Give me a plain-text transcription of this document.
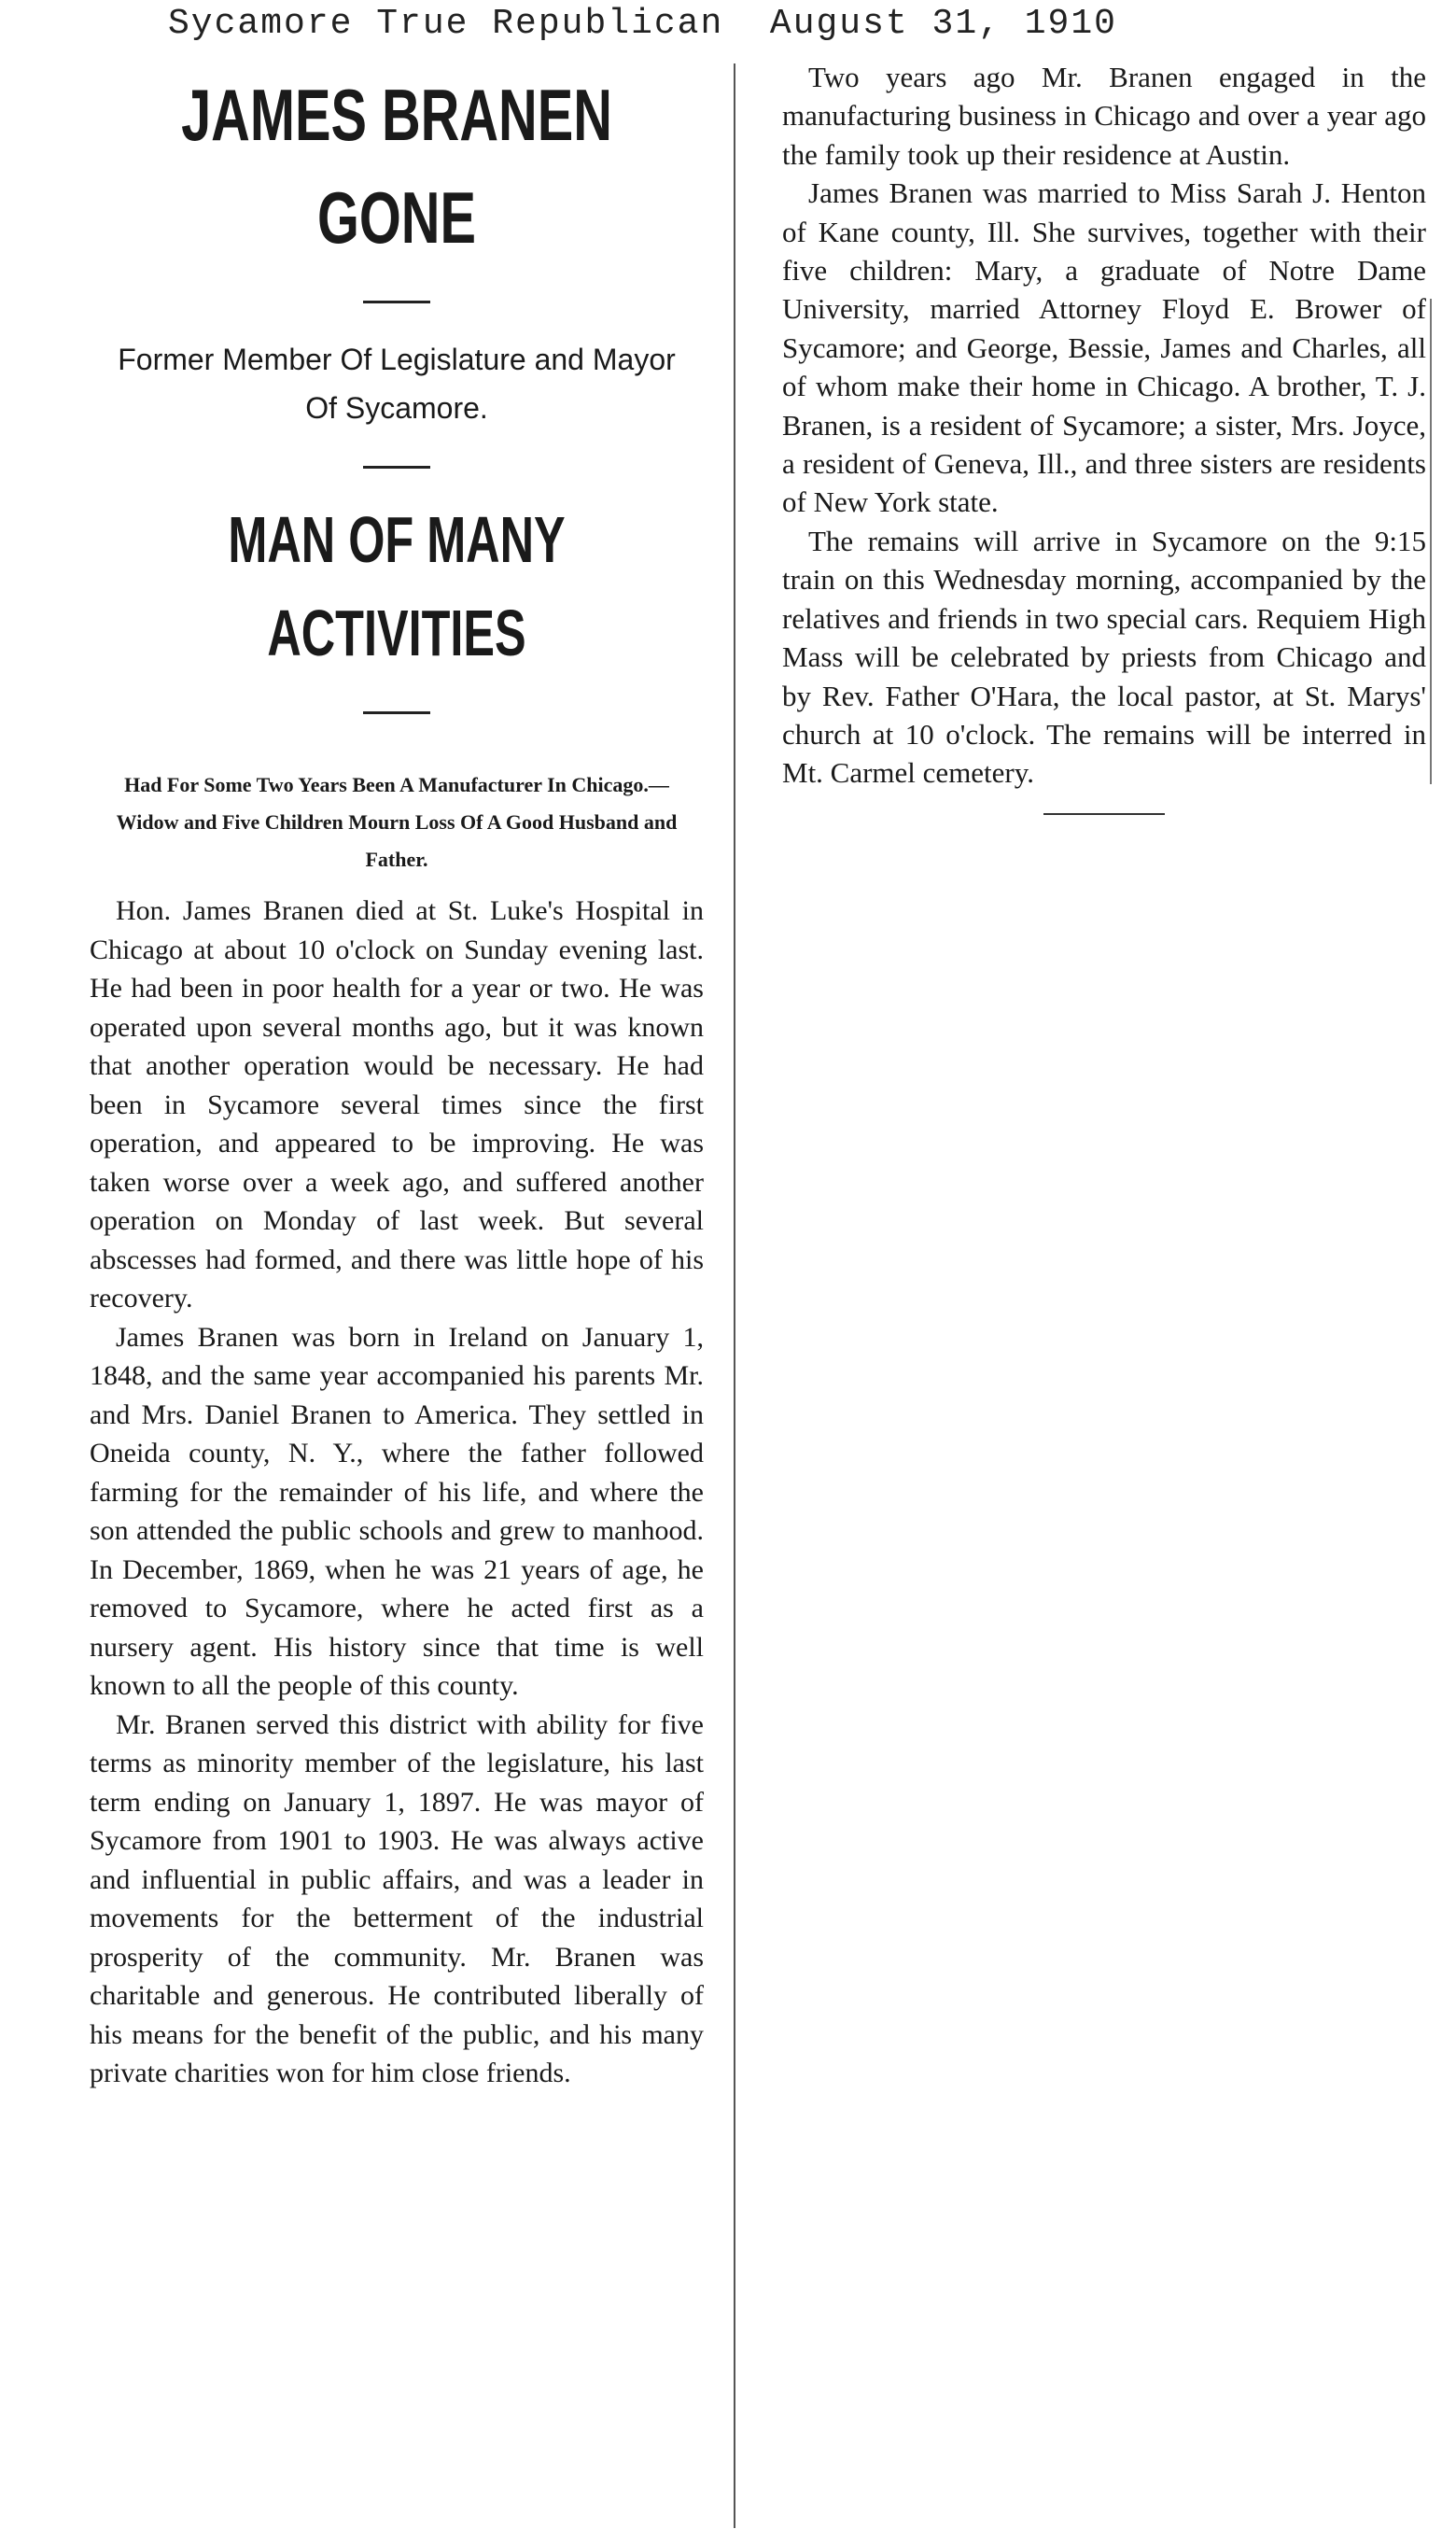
Sycamore True Republican  August 31, 1910
JAMES BRANEN GONE

Former Member Of Legislature and Mayor Of Sycamore.

MAN OF MANY ACTIVITIES

Had For Some Two Years Been A Manufacturer In Chicago.—Widow and Five Children Mourn Loss Of A Good Husband and Father.

Hon. James Branen died at St. Luke's Hospital in Chicago at about 10 o'clock on Sunday evening last. He had been in poor health for a year or two. He was operated upon several months ago, but it was known that another operation would be necessary. He had been in Sycamore several times since the first operation, and appeared to be improving. He was taken worse over a week ago, and suffered another operation on Monday of last week. But several abscesses had formed, and there was little hope of his recovery.

James Branen was born in Ireland on January 1, 1848, and the same year accompanied his parents Mr. and Mrs. Daniel Branen to America. They settled in Oneida county, N. Y., where the father followed farming for the remainder of his life, and where the son attended the public schools and grew to manhood. In December, 1869, when he was 21 years of age, he removed to Sycamore, where he acted first as a nursery agent. His history since that time is well known to all the people of this county.

Mr. Branen served this district with ability for five terms as minority member of the legislature, his last term ending on January 1, 1897. He was mayor of Sycamore from 1901 to 1903. He was always active and influential in public affairs, and was a leader in movements for the betterment of the industrial prosperity of the community. Mr. Branen was charitable and generous. He contributed liberally of his means for the benefit of the public, and his many private charities won for him close friends.

Two years ago Mr. Branen engaged in the manufacturing business in Chicago and over a year ago the family took up their residence at Austin.

James Branen was married to Miss Sarah J. Henton of Kane county, Ill. She survives, together with their five children: Mary, a graduate of Notre Dame University, married Attorney Floyd E. Brower of Sycamore; and George, Bessie, James and Charles, all of whom make their home in Chicago. A brother, T. J. Branen, is a resident of Sycamore; a sister, Mrs. Joyce, a resident of Geneva, Ill., and three sisters are residents of New York state.

The remains will arrive in Sycamore on the 9:15 train on this Wednesday morning, accompanied by the relatives and friends in two special cars. Requiem High Mass will be celebrated by priests from Chicago and by Rev. Father O'Hara, the local pastor, at St. Marys' church at 10 o'clock. The remains will be interred in Mt. Carmel cemetery.
